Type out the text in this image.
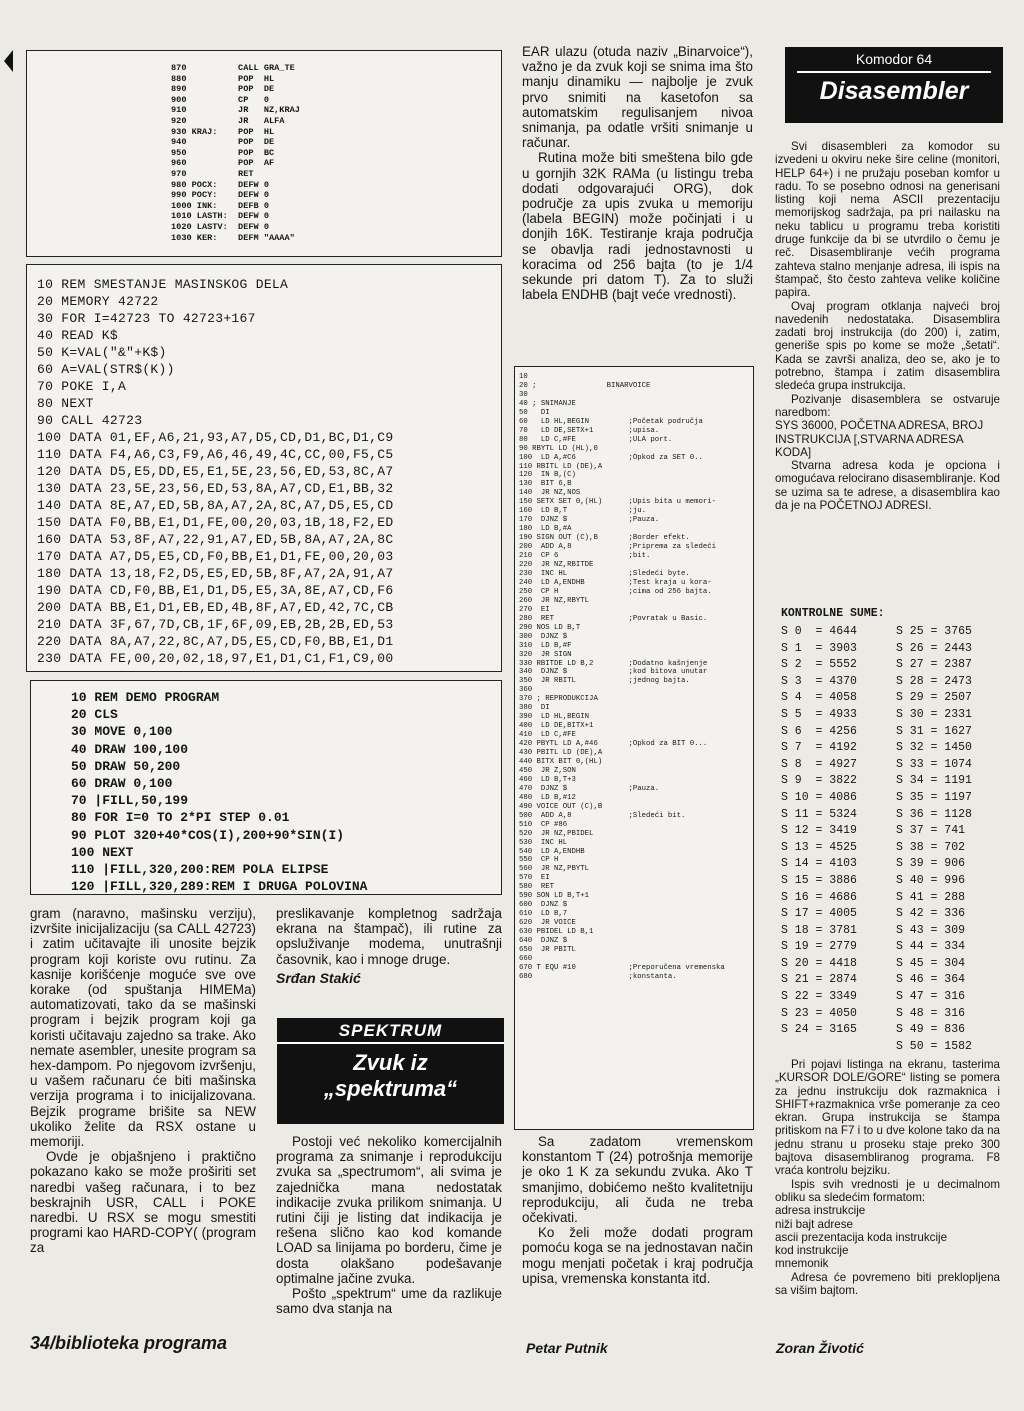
870          CALL GRA_TE
880          POP  HL
890          POP  DE
900          CP   0
910          JR   NZ,KRAJ
920          JR   ALFA
930 KRAJ:    POP  HL
940          POP  DE
950          POP  BC
960          POP  AF
970          RET
980 POCX:    DEFW 0
990 POCY:    DEFW 0
1000 INK:    DEFB 0
1010 LASTH:  DEFW 0
1020 LASTV:  DEFW 0
1030 KER:    DEFM "AAAA"
10 REM SMESTANJE MASINSKOG DELA
20 MEMORY 42722
30 FOR I=42723 TO 42723+167
40 READ K$
50 K=VAL("&"+K$)
60 A=VAL(STR$(K))
70 POKE I,A
80 NEXT
90 CALL 42723
100 DATA 01,EF,A6,21,93,A7,D5,CD,D1,BC,D1,C9
110 DATA F4,A6,C3,F9,A6,46,49,4C,CC,00,F5,C5
120 DATA D5,E5,DD,E5,E1,5E,23,56,ED,53,8C,A7
130 DATA 23,5E,23,56,ED,53,8A,A7,CD,E1,BB,32
140 DATA 8E,A7,ED,5B,8A,A7,2A,8C,A7,D5,E5,CD
150 DATA F0,BB,E1,D1,FE,00,20,03,1B,18,F2,ED
160 DATA 53,8F,A7,22,91,A7,ED,5B,8A,A7,2A,8C
170 DATA A7,D5,E5,CD,F0,BB,E1,D1,FE,00,20,03
180 DATA 13,18,F2,D5,E5,ED,5B,8F,A7,2A,91,A7
190 DATA CD,F0,BB,E1,D1,D5,E5,3A,8E,A7,CD,F6
200 DATA BB,E1,D1,EB,ED,4B,8F,A7,ED,42,7C,CB
210 DATA 3F,67,7D,CB,1F,6F,09,EB,2B,2B,ED,53
220 DATA 8A,A7,22,8C,A7,D5,E5,CD,F0,BB,E1,D1
230 DATA FE,00,20,02,18,97,E1,D1,C1,F1,C9,00
10 REM DEMO PROGRAM
20 CLS
30 MOVE 0,100
40 DRAW 100,100
50 DRAW 50,200
60 DRAW 0,100
70 |FILL,50,199
80 FOR I=0 TO 2*PI STEP 0.01
90 PLOT 320+40*COS(I),200+90*SIN(I)
100 NEXT
110 |FILL,320,200:REM POLA ELIPSE
120 |FILL,320,289:REM I DRUGA POLOVINA

gram (naravno, mašinsku verziju), izvršite inicijalizaciju (sa CALL 42723) i zatim učitavajte ili unosite bejzik program koji koriste ovu rutinu. Za kasnije korišćenje moguće sve ove korake (od spuštanja HIMEMa) automatizovati, tako da se mašinski program i bejzik program koji ga koristi učitavaju zajedno sa trake. Ako nemate asembler, unesite program sa hex-dampom. Po njegovom izvršenju, u vašem računaru će biti mašinska verzija programa i to inicijalizovana. Bejzik programe brišite sa NEW ukoliko želite da RSX ostane u memoriji.

Ovde je objašnjeno i praktično pokazano kako se može proširiti set naredbi vašeg računara, i to bez beskrajnih USR, CALL i POKE naredbi. U RSX se mogu smestiti programi kao HARD-COPY( (program za

34/biblioteka programa

preslikavanje kompletnog sadržaja ekrana na štampač), ili rutine za opsluživanje modema, unutrašnji časovnik, kao i mnoge druge.

Srđan Stakić
SPEKTRUM
Zvuk iz
„spektruma“

Postoji već nekoliko komercijalnih programa za snimanje i reprodukciju zvuka sa „spectrumom“, ali svima je zajednička mana nedostatak indikacije zvuka prilikom snimanja. U rutini čiji je listing dat indikacija je rešena slično kao kod komande LOAD sa linijama po borderu, čime je dosta olakšano podešavanje optimalne jačine zvuka.

Pošto „spektrum“ ume da razlikuje samo dva stanja na

EAR ulazu (otuda naziv „Binarvoice“), važno je da zvuk koji se snima ima što manju dinamiku — najbolje je zvuk prvo snimiti na kasetofon sa automatskim regulisanjem nivoa snimanja, pa odatle vršiti snimanje u računar.

Rutina može biti smeštena bilo gde u gornjih 32K RAMa (u listingu treba dodati odgovarajući ORG), dok područje za upis zvuka u memoriju (labela BEGIN) može počinjati i u donjih 16K. Testiranje kraja područja se obavlja radi jednostavnosti u koracima od 256 bajta (to je 1/4 sekunde pri datom T). Za to služi labela ENDHB (bajt veće vrednosti).

10
20 ;                BINARVOICE
30
40 ; SNIMANJE
50   DI
60   LD HL,BEGIN         ;Početak područja
70   LD DE,SETX+1        ;upisa.
80   LD C,#FE            ;ULA port.
90 RBYTL LD (HL),0
100  LD A,#C6            ;Opkod za SET 0..
110 RBITL LD (DE),A
120  IN B,(C)
130  BIT 6,B
140  JR NZ,NOS
150 SETX SET 0,(HL)      ;Upis bita u memori-
160  LD B,T              ;ju.
170  DJNZ $              ;Pauza.
180  LD B,#A
190 SIGN OUT (C),B       ;Border efekt.
200  ADD A,8             ;Priprema za sledeći
210  CP 6                ;bit.
220  JR NZ,RBITDE
230  INC HL              ;Sledeći byte.
240  LD A,ENDHB          ;Test kraja u kora-
250  CP H                ;cima od 256 bajta.
260  JR NZ,RBYTL
270  EI
280  RET                 ;Povratak u Basic.
290 NOS LD B,T
300  DJNZ $
310  LD B,#F
320  JR SIGN
330 RBITDE LD B,2        ;Dodatno kašnjenje
340  DJNZ $              ;kod bitova unutar
350  JR RBITL            ;jednog bajta.
360
370 ; REPRODUKCIJA
380  DI
390  LD HL,BEGIN
400  LD DE,BITX+1
410  LD C,#FE
420 PBYTL LD A,#46       ;Opkod za BIT 0...
430 PBITL LD (DE),A
440 BITX BIT 0,(HL)
450  JR Z,SON
460  LD B,T+3
470  DJNZ $              ;Pauza.
480  LD B,#12
490 VOICE OUT (C),B
500  ADD A,8             ;Sledeći bit.
510  CP #86
520  JR NZ,PBIDEL
530  INC HL
540  LD A,ENDHB
550  CP H
560  JR NZ,PBYTL
570  EI
580  RET
590 SON LD B,T+1
600  DJNZ $
610  LD B,7
620  JR VOICE
630 PBIDEL LD B,1
640  DJNZ $
650  JR PBITL
660
670 T EQU #10            ;Preporučena vremenska
680                      ;konstanta.

Sa zadatom vremenskom konstantom T (24) potrošnja memorije je oko 1 K za sekundu zvuka. Ako T smanjimo, dobićemo nešto kvalitetniju reprodukciju, ali čuda ne treba očekivati.

Ko želi može dodati program pomoću koga se na jednostavan način mogu menjati početak i kraj područja upisa, vremenska konstanta itd.

Petar Putnik
Komodor 64
Disasembler

Svi disasembleri za komodor su izvedeni u okviru neke šire celine (monitori, HELP 64+) i ne pružaju poseban komfor u radu. To se posebno odnosi na generisani listing koji nema ASCII prezentaciju memorijskog sadržaja, pa pri nailasku na neku tablicu u programu treba koristiti druge funkcije da bi se utvrdilo o čemu je reč. Disasembliranje većih programa zahteva stalno menjanje adresa, ili ispis na štampač, što često zahteva velike količine papira.

Ovaj program otklanja najveći broj navedenih nedostataka. Disasemblira zadati broj instrukcija (do 200) i, zatim, generiše spis po kome se može „šetati“. Kada se završi analiza, deo se, ako je to potrebno, štampa i zatim disasemblira sledeća grupa instrukcija.

Pozivanje disasemblera se ostvaruje naredbom:

SYS 36000, POČETNA ADRESA, BROJ INSTRUKCIJA [,STVARNA ADRESA KODA]

Stvarna adresa koda je opciona i omogućava relocirano disasembliranje. Kod se uzima sa te adrese, a disasemblira kao da je na POČETNOJ ADRESI.

KONTROLNE SUME:
S 0  = 4644
S 1  = 3903
S 2  = 5552
S 3  = 4370
S 4  = 4058
S 5  = 4933
S 6  = 4256
S 7  = 4192
S 8  = 4927
S 9  = 3822
S 10 = 4086
S 11 = 5324
S 12 = 3419
S 13 = 4525
S 14 = 4103
S 15 = 3886
S 16 = 4686
S 17 = 4005
S 18 = 3781
S 19 = 2779
S 20 = 4418
S 21 = 2874
S 22 = 3349
S 23 = 4050
S 24 = 3165
S 25 = 3765
S 26 = 2443
S 27 = 2387
S 28 = 2473
S 29 = 2507
S 30 = 2331
S 31 = 1627
S 32 = 1450
S 33 = 1074
S 34 = 1191
S 35 = 1197
S 36 = 1128
S 37 = 741
S 38 = 702
S 39 = 906
S 40 = 996
S 41 = 288
S 42 = 336
S 43 = 309
S 44 = 334
S 45 = 304
S 46 = 364
S 47 = 316
S 48 = 316
S 49 = 836
S 50 = 1582

Pri pojavi listinga na ekranu, tasterima „KURSOR DOLE/GORE“ listing se pomera za jednu instrukciju dok razmaknica i SHIFT+razmaknica vrše pomeranje za ceo ekran. Grupa instrukcija se štampa pritiskom na F7 i to u dve kolone tako da na jednu stranu u proseku staje preko 300 bajtova disasembliranog programa. F8 vraća kontrolu bejziku.

Ispis svih vrednosti je u decimalnom obliku sa sledećim formatom:

adresa instrukcije
niži bajt adrese
ascii prezentacija koda instrukcije
kod instrukcije
mnemonik

Adresa će povremeno biti preklopljena sa višim bajtom.

Zoran Životić
